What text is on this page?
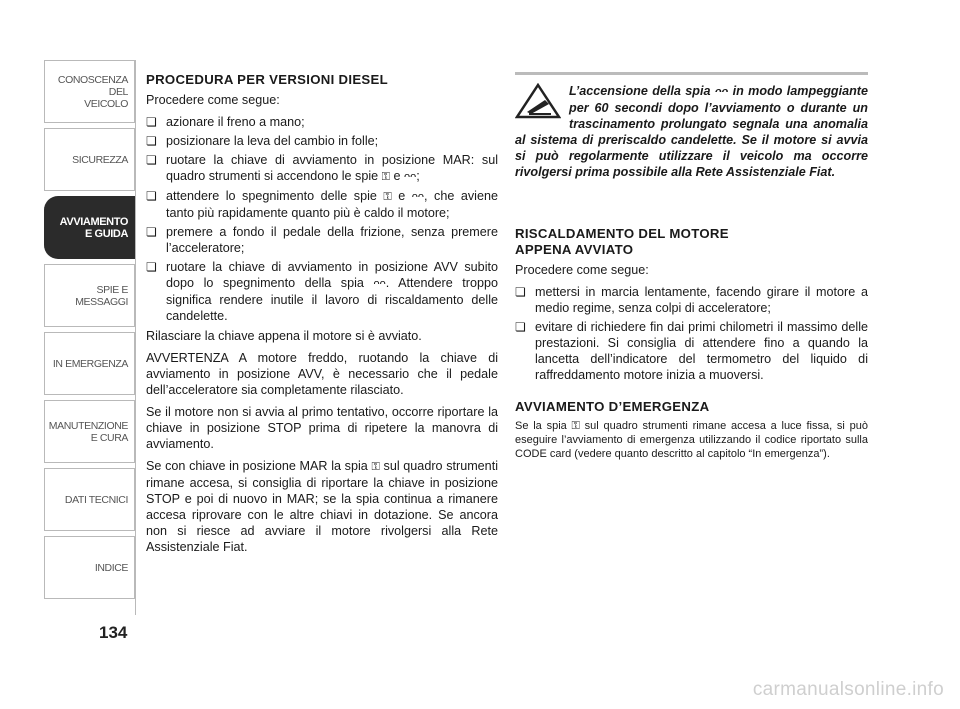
CONOSCENZA
DEL
VEICOLO
SICUREZZA
AVVIAMENTO
E GUIDA
SPIE E
MESSAGGI
IN EMERGENZA
MANUTENZIONE
E CURA
DATI TECNICI
INDICE
134
PROCEDURA PER VERSIONI DIESEL

Procedere come segue:

❏ azionare il freno a mano;
❏ posizionare la leva del cambio in folle;
❏ ruotare la chiave di avviamento in posizione MAR: sul quadro strumenti si accendono le spie ⚿ e ᴖᴖ;
❏ attendere lo spegnimento delle spie ⚿ e ᴖᴖ, che aviene tanto più rapidamente quanto più è caldo il motore;
❏ premere a fondo il pedale della frizione, senza premere l’acceleratore;
❏ ruotare la chiave di avviamento in posizione AVV subito dopo lo spegnimento della spia ᴖᴖ. Attendere troppo significa rendere inutile il lavoro di riscaldamento delle candelette.

Rilasciare la chiave appena il motore si è avviato.

AVVERTENZA A motore freddo, ruotando la chiave di avviamento in posizione AVV, è necessario che il pedale dell’acceleratore sia completamente rilasciato.

Se il motore non si avvia al primo tentativo, occorre riportare la chiave in posizione STOP prima di ripetere la manovra di avviamento.

Se con chiave in posizione MAR la spia ⚿ sul quadro strumenti rimane accesa, si consiglia di riportare la chiave in posizione STOP e poi di nuovo in MAR; se la spia continua a rimanere accesa riprovare con le altre chiavi in dotazione. Se ancora non si riesce ad avviare il motore rivolgersi alla Rete Assistenziale Fiat.

L’accensione della spia ᴖᴖ in modo lampeggiante per 60 secondi dopo l’avviamento o durante un trascinamento prolungato segnala una anomalia al sistema di preriscaldo candelette. Se il motore si avvia si può regolarmente utilizzare il veicolo ma occorre rivolgersi prima possibile alla Rete Assistenziale Fiat.
RISCALDAMENTO DEL MOTORE
APPENA AVVIATO

Procedere come segue:

❏ mettersi in marcia lentamente, facendo girare il motore a medio regime, senza colpi di acceleratore;
❏ evitare di richiedere fin dai primi chilometri il massimo delle prestazioni. Si consiglia di attendere fino a quando la lancetta dell’indicatore del termometro del liquido di raffreddamento motore inizia a muoversi.
AVVIAMENTO D’EMERGENZA

Se la spia ⚿ sul quadro strumenti rimane accesa a luce fissa, si può eseguire l’avviamento di emergenza utilizzando il codice riportato sulla CODE card (vedere quanto descritto al capitolo “In emergenza”).

carmanualsonline.info
